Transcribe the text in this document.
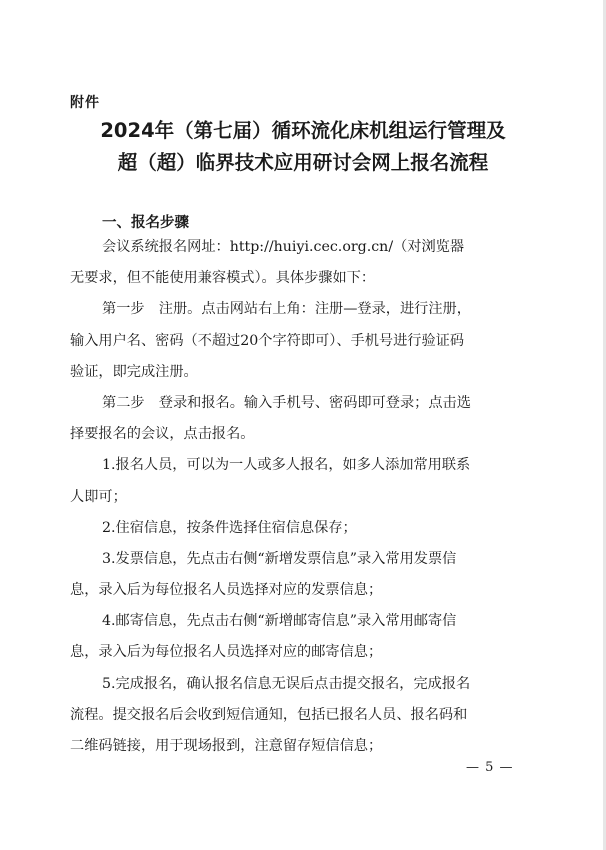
附件
2024年（第七届）循环流化床机组运行管理及
超（超）临界技术应用研讨会网上报名流程
一、报名步骤
会议系统报名网址：http://huiyi.cec.org.cn/（对浏览器
无要求，但不能使用兼容模式）。具体步骤如下：
第一步　注册。点击网站右上角：注册—登录，进行注册，
输入用户名、密码（不超过20个字符即可）、手机号进行验证码
验证，即完成注册。
第二步　登录和报名。输入手机号、密码即可登录；点击选
择要报名的会议，点击报名。
1.报名人员，可以为一人或多人报名，如多人添加常用联系
人即可；
2.住宿信息，按条件选择住宿信息保存；
3.发票信息，先点击右侧“新增发票信息”录入常用发票信
息，录入后为每位报名人员选择对应的发票信息；
4.邮寄信息，先点击右侧“新增邮寄信息”录入常用邮寄信
息，录入后为每位报名人员选择对应的邮寄信息；
5.完成报名，确认报名信息无误后点击提交报名，完成报名
流程。提交报名后会收到短信通知，包括已报名人员、报名码和
二维码链接，用于现场报到，注意留存短信信息；
— 5 —
